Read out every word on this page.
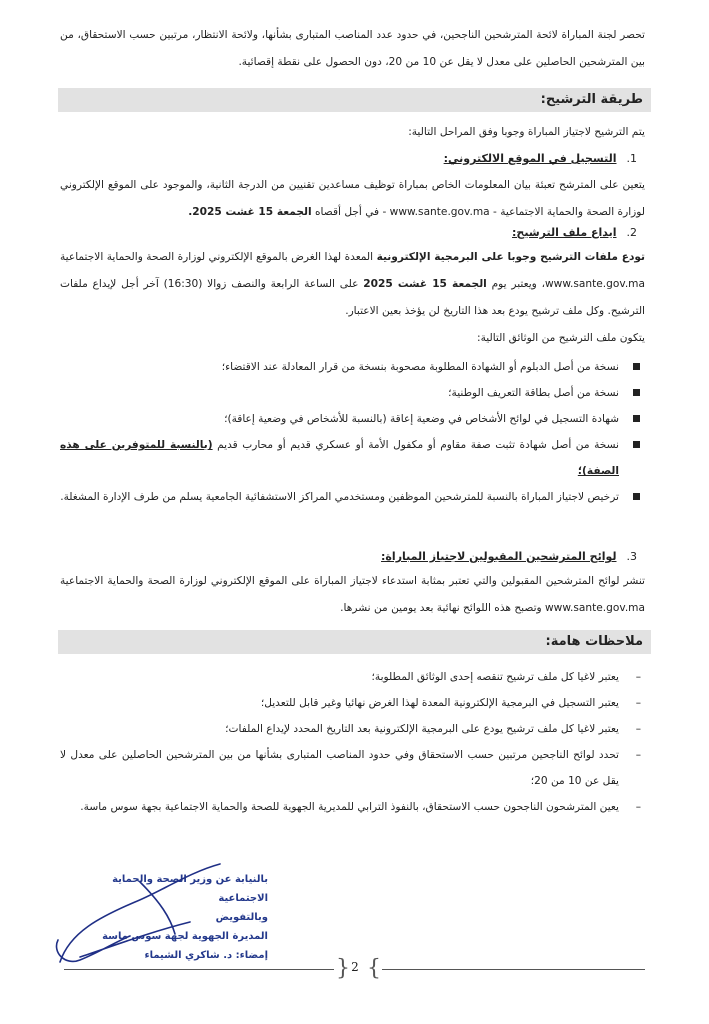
تحصر لجنة المباراة لائحة المترشحين الناجحين، في حدود عدد المناصب المتبارى بشأنها، ولائحة الانتظار، مرتبين حسب الاستحقاق، من بين المترشحين الحاصلين على معدل لا يقل عن 10 من 20، دون الحصول على نقطة إقصائية.
طريقة الترشيح:
يتم الترشيح لاجتياز المباراة وجوبا وفق المراحل التالية:
1.التسجيل في الموقع الالكتروني:
يتعين على المترشح تعبئة بيان المعلومات الخاص بمباراة توظيف مساعدين تقنيين من الدرجة الثانية، والموجود على الموقع الإلكتروني لوزارة الصحة والحماية الاجتماعية - www.sante.gov.ma - في أجل أقصاه الجمعة 15 غشت 2025.
2.ايداع ملف الترشيح:
تودع ملفات الترشيح وجوبا على البرمجية الإلكترونية المعدة لهذا الغرض بالموقع الإلكتروني لوزارة الصحة والحماية الاجتماعية www.sante.gov.ma، ويعتبر يوم الجمعة 15 غشت 2025 على الساعة الرابعة والنصف زوالا (16:30) آخر أجل لإيداع ملفات الترشيح. وكل ملف ترشيح يودع بعد هذا التاريخ لن يؤخذ بعين الاعتبار.
يتكون ملف الترشيح من الوثائق التالية:
نسخة من أصل الدبلوم أو الشهادة المطلوبة مصحوبة بنسخة من قرار المعادلة عند الاقتضاء؛
نسخة من أصل بطاقة التعريف الوطنية؛
شهادة التسجيل في لوائح الأشخاص في وضعية إعاقة (بالنسبة للأشخاص في وضعية إعاقة)؛
نسخة من أصل شهادة تثبت صفة مقاوم أو مكفول الأمة أو عسكري قديم أو محارب قديم (بالنسبة للمتوفرين على هذه الصفة)؛
ترخيص لاجتياز المباراة بالنسبة للمترشحين الموظفين ومستخدمي المراكز الاستشفائية الجامعية يسلم من طرف الإدارة المشغلة.
3.لوائح المترشحين المقبولين لاجتياز المباراة:
تنشر لوائح المترشحين المقبولين والتي تعتبر بمثابة استدعاء لاجتياز المباراة على الموقع الإلكتروني لوزارة الصحة والحماية الاجتماعية www.sante.gov.ma وتصبح هذه اللوائح نهائية بعد يومين من نشرها.
ملاحظات هامة:
–
يعتبر لاغيا كل ملف ترشيح تنقصه إحدى الوثائق المطلوبة؛
–
يعتبر التسجيل في البرمجية الإلكترونية المعدة لهذا الغرض نهائيا وغير قابل للتعديل؛
–
يعتبر لاغيا كل ملف ترشيح يودع على البرمجية الإلكترونية بعد التاريخ المحدد لإيداع الملفات؛
–
تحدد لوائح الناجحين مرتبين حسب الاستحقاق وفي حدود المناصب المتبارى بشأنها من بين المترشحين الحاصلين على معدل لا يقل عن 10 من 20؛
–
يعين المترشحون الناجحون حسب الاستحقاق، بالنفوذ الترابي للمديرية الجهوية للصحة والحماية الاجتماعية بجهة سوس ماسة.
بالنيابة عن وزير الصحة والحماية الاجتماعية
وبالتفويض
المديرة الجهوية لجهة سوس ماسة
إمضاء: د. شاكري الشيماء
{ 2 }
